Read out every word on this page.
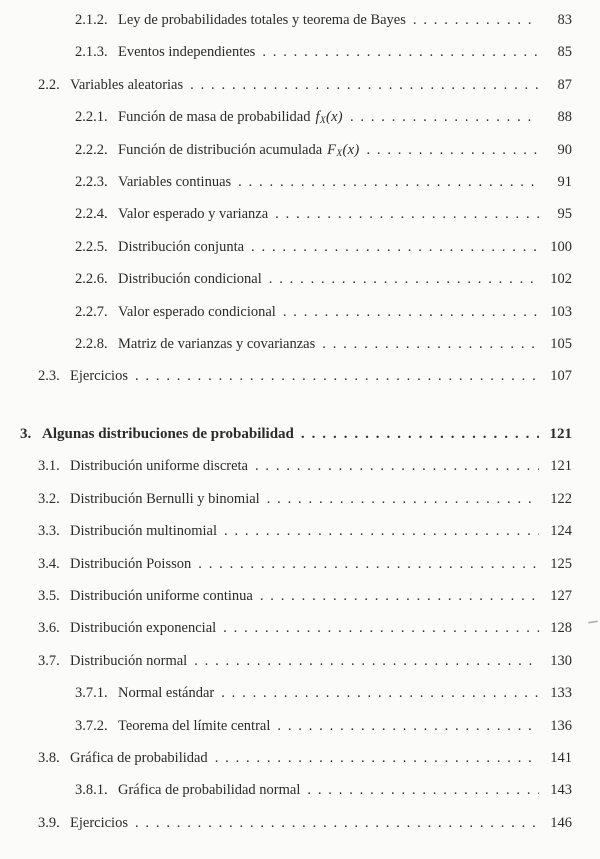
2.1.2. Ley de probabilidades totales y teorema de Bayes . . .	83
2.1.3. Eventos independientes . . .	85
2.2. Variables aleatorias . . .	87
2.2.1. Función de masa de probabilidad $f_X(x)$ . . .	88
2.2.2. Función de distribución acumulada $F_X(x)$ . . .	90
2.2.3. Variables continuas . . .	91
2.2.4. Valor esperado y varianza . . .	95
2.2.5. Distribución conjunta . . .	100
2.2.6. Distribución condicional . . .	102
2.2.7. Valor esperado condicional . . .	103
2.2.8. Matriz de varianzas y covarianzas . . .	105
2.3. Ejercicios . . .	107
3. Algunas distribuciones de probabilidad . . .	121
3.1. Distribución uniforme discreta . . .	121
3.2. Distribución Bernulli y binomial . . .	122
3.3. Distribución multinomial . . .	124
3.4. Distribución Poisson . . .	125
3.5. Distribución uniforme continua . . .	127
3.6. Distribución exponencial . . .	128
3.7. Distribución normal . . .	130
3.7.1. Normal estándar . . .	133
3.7.2. Teorema del límite central . . .	136
3.8. Gráfica de probabilidad . . .	141
3.8.1. Gráfica de probabilidad normal . . .	143
3.9. Ejercicios . . .	146
